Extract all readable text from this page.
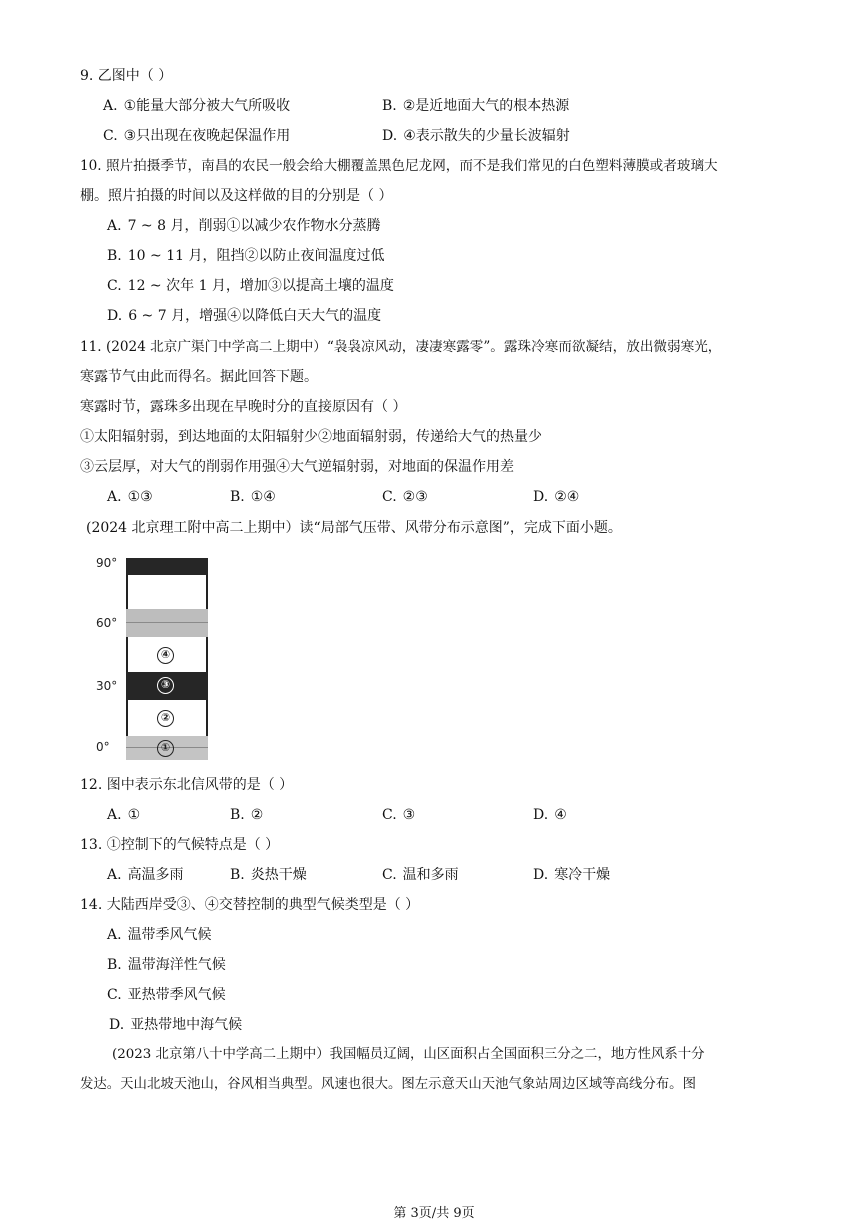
9. 乙图中（ ）
A. ①能量大部分被大气所吸收	B. ②是近地面大气的根本热源
C. ③只出现在夜晚起保温作用	D. ④表示散失的少量长波辐射
10. 照片拍摄季节，南昌的农民一般会给大棚覆盖黑色尼龙网，而不是我们常见的白色塑料薄膜或者玻璃大
棚。照片拍摄的时间以及这样做的目的分别是（ ）
A. 7 ~ 8 月，削弱①以减少农作物水分蒸腾
B. 10 ~ 11 月，阻挡②以防止夜间温度过低
C. 12 ~ 次年 1 月，增加③以提高土壤的温度
D. 6 ~ 7 月，增强④以降低白天大气的温度
11. (2024 北京广渠门中学高二上期中）“袅袅凉风动，凄凄寒露零”。露珠冷寒而欲凝结，放出微弱寒光，
寒露节气由此而得名。据此回答下题。
寒露时节，露珠多出现在早晚时分的直接原因有（ ）
①太阳辐射弱，到达地面的太阳辐射少②地面辐射弱，传递给大气的热量少
③云层厚，对大气的削弱作用强④大气逆辐射弱，对地面的保温作用差
A. ①③	B. ①④	C. ②③	D. ②④
(2024 北京理工附中高二上期中）读“局部气压带、风带分布示意图”，完成下面小题。
90°
60°
30°
0°
④
③
②
①
12. 图中表示东北信风带的是（ ）
A. ①	B. ②	C. ③	D. ④
13. ①控制下的气候特点是（ ）
A. 高温多雨	B. 炎热干燥	C. 温和多雨	D. 寒冷干燥
14. 大陆西岸受③、④交替控制的典型气候类型是（ ）
A. 温带季风气候
B. 温带海洋性气候
C. 亚热带季风气候
D. 亚热带地中海气候
(2023 北京第八十中学高二上期中）我国幅员辽阔，山区面积占全国面积三分之二，地方性风系十分
发达。天山北坡天池山，谷风相当典型。风速也很大。图左示意天山天池气象站周边区域等高线分布。图
第 3页/共 9页
